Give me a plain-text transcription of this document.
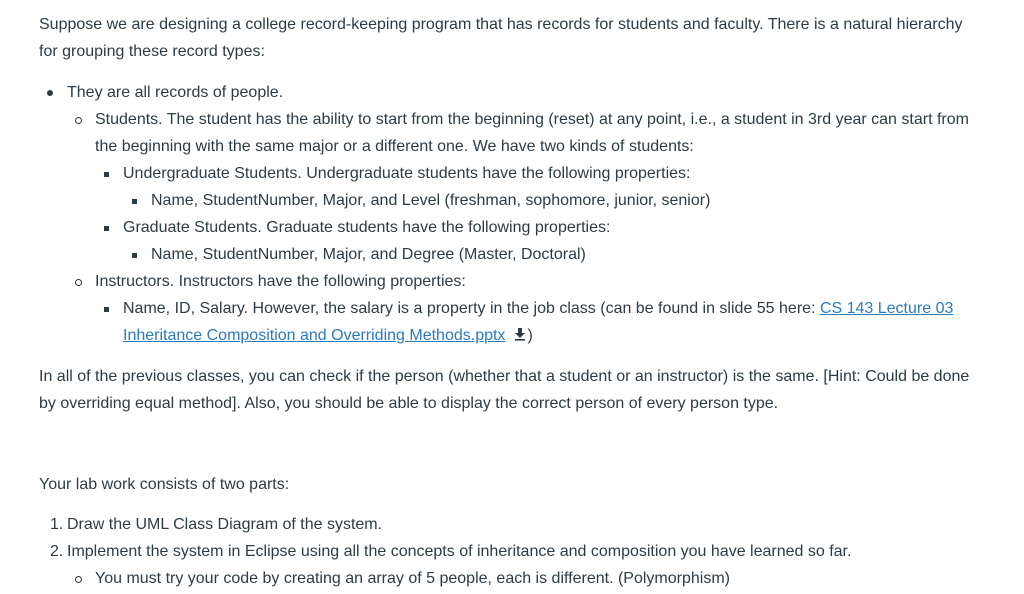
Suppose we are designing a college record-keeping program that has records for students and faculty. There is a natural hierarchy for grouping these record types:

They are all records of people.
Students. The student has the ability to start from the beginning (reset) at any point, i.e., a student in 3rd year can start from the beginning with the same major or a different one. We have two kinds of students:
Undergraduate Students. Undergraduate students have the following properties:
Name, StudentNumber, Major, and Level (freshman, sophomore, junior, senior)
Graduate Students. Graduate students have the following properties:
Name, StudentNumber, Major, and Degree (Master, Doctoral)
Instructors. Instructors have the following properties:
Name, ID, Salary. However, the salary is a property in the job class (can be found in slide 55 here: CS 143 Lecture 03 Inheritance Composition and Overriding Methods.pptx )

In all of the previous classes, you can check if the person (whether that a student or an instructor) is the same. [Hint: Could be done by overriding equal method]. Also, you should be able to display the correct person of every person type.

Your lab work consists of two parts:

1. Draw the UML Class Diagram of the system.
2. Implement the system in Eclipse using all the concepts of inheritance and composition you have learned so far.
You must try your code by creating an array of 5 people, each is different. (Polymorphism)
